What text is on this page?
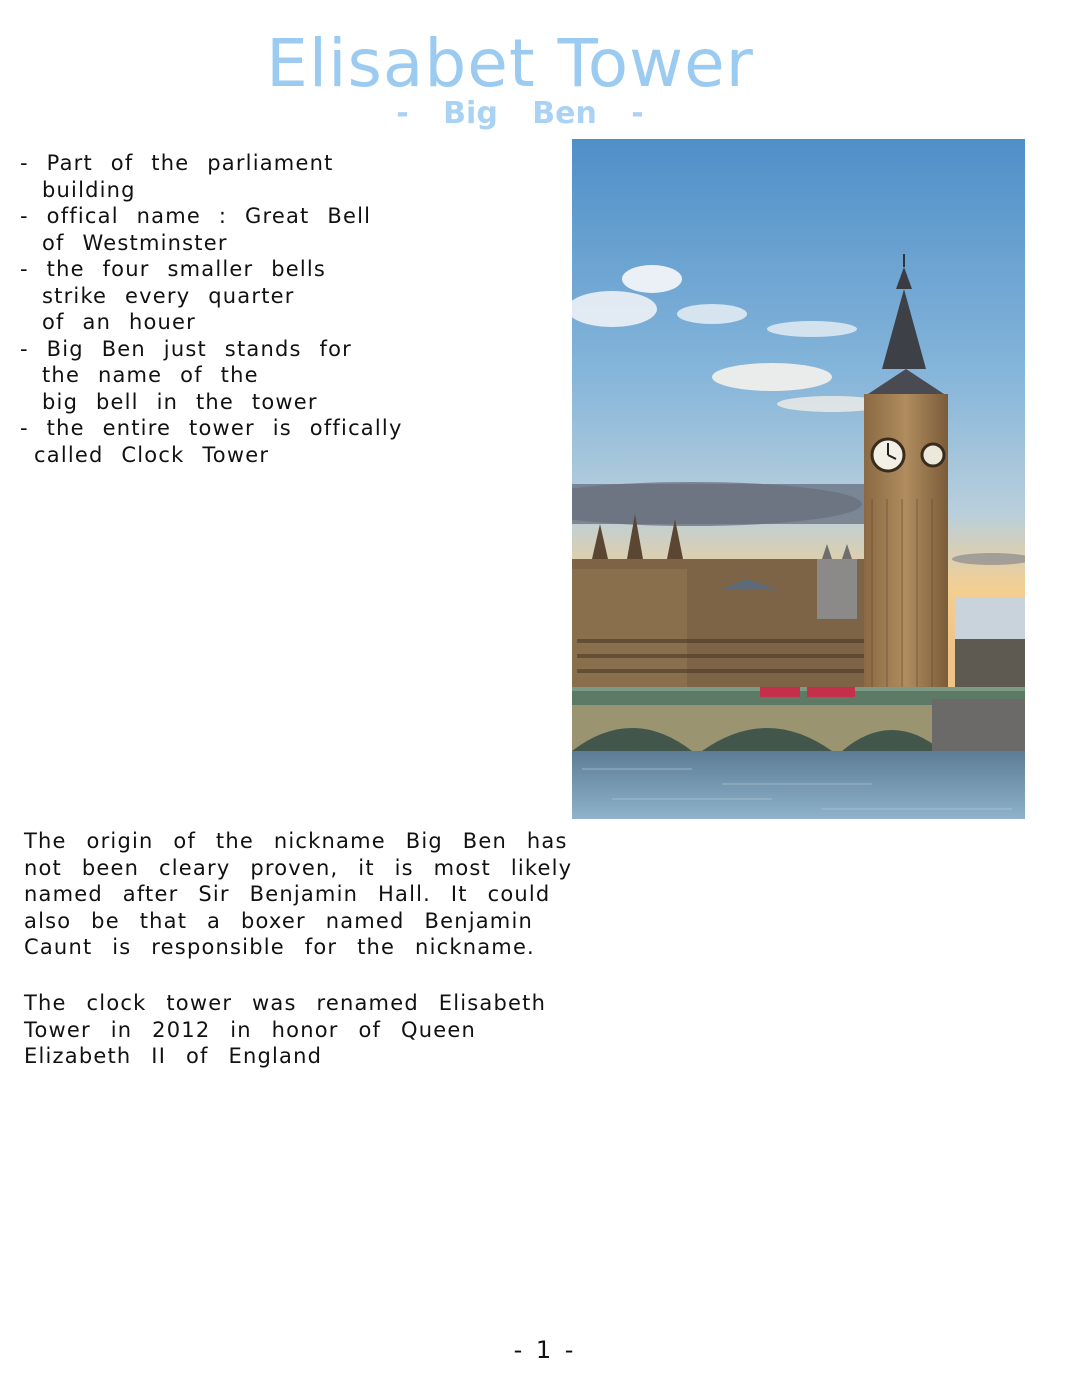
Elisabet Tower
- Big Ben -
- Part of the parliament
building
- offical name : Great Bell
of Westminster
- the four smaller bells
strike every quarter
of an houer
- Big Ben just stands for
the name of the
big bell in the tower
- the entire tower is offically
called Clock Tower
The origin of the nickname Big Ben has
not been cleary proven, it is most likely
named after Sir Benjamin Hall. It could
also be that a boxer named Benjamin
Caunt is responsible for the nickname.
The clock tower was renamed Elisabeth
Tower in 2012 in honor of Queen
Elizabeth II of England
- 1 -
